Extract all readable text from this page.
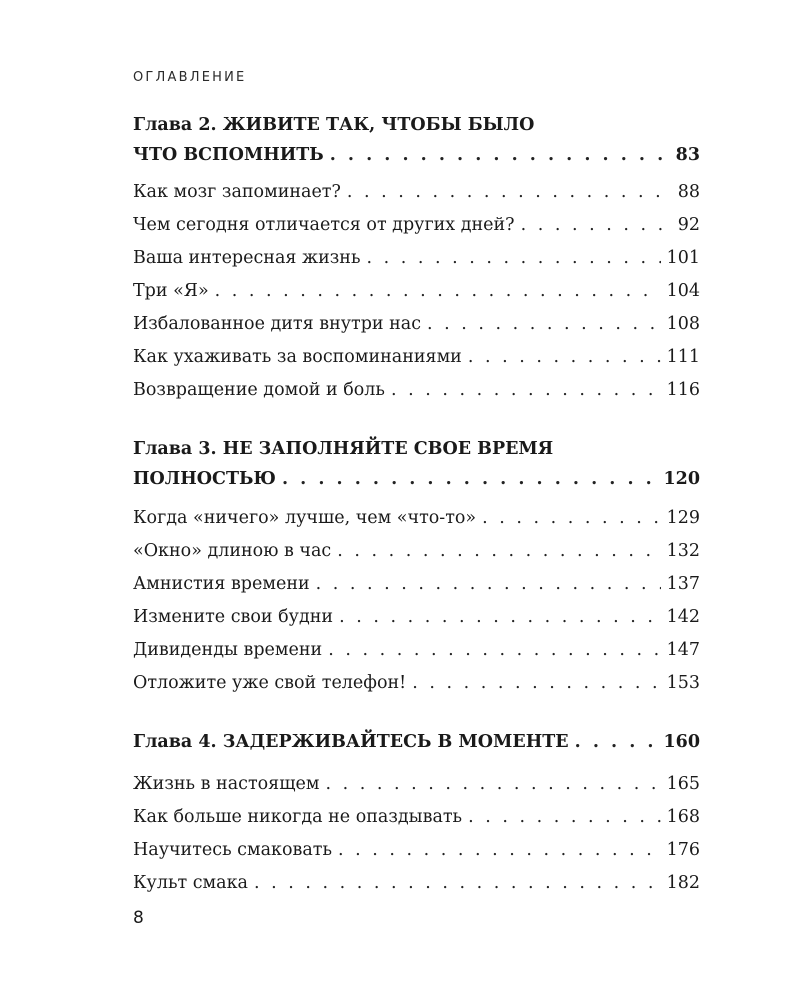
ОГЛАВЛЕНИЕ
Глава 2. ЖИВИТЕ ТАК, ЧТОБЫ БЫЛО
ЧТО ВСПОМНИТЬ . . .	83
Как мозг запоминает? . . .	88
Чем сегодня отличается от других дней? . . .	92
Ваша интересная жизнь . . .	101
Три «Я» . . .	104
Избалованное дитя внутри нас . . .	108
Как ухаживать за воспоминаниями . . .	111
Возвращение домой и боль . . .	116
Глава 3. НЕ ЗАПОЛНЯЙТЕ СВОЕ ВРЕМЯ
ПОЛНОСТЬЮ . . .	120
Когда «ничего» лучше, чем «что-то» . . .	129
«Окно» длиною в час . . .	132
Амнистия времени . . .	137
Измените свои будни . . .	142
Дивиденды времени . . .	147
Отложите уже свой телефон! . . .	153
Глава 4. ЗАДЕРЖИВАЙТЕСЬ В МОМЕНТЕ . . .	160
Жизнь в настоящем . . .	165
Как больше никогда не опаздывать . . .	168
Научитесь смаковать . . .	176
Культ смака . . .	182
8
